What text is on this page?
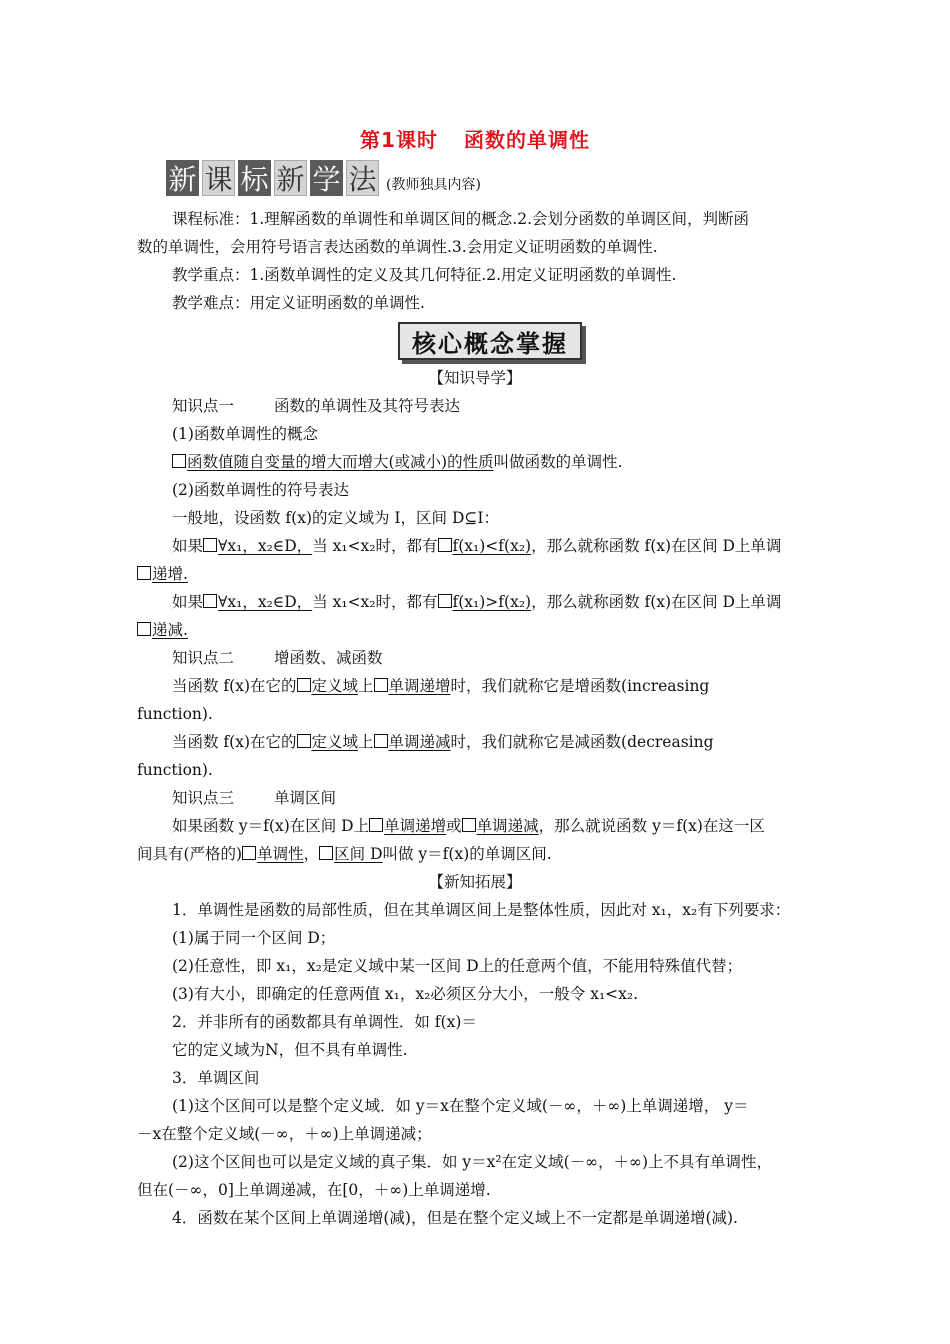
第1课时 函数的单调性
新 课 标 新 学 法 (教师独具内容)
课程标准：1.理解函数的单调性和单调区间的概念.2.会划分函数的单调区间，判断函
数的单调性，会用符号语言表达函数的单调性.3.会用定义证明函数的单调性.
教学重点：1.函数单调性的定义及其几何特征.2.用定义证明函数的单调性.
教学难点：用定义证明函数的单调性.
核心概念掌握
【知识导学】
知识点一	函数的单调性及其符号表达
(1)函数单调性的概念
函数值随自变量的增大而增大(或减小)的性质叫做函数的单调性.
(2)函数单调性的符号表达
一般地，设函数 f(x)的定义域为 I，区间 D⊆I：
如果 ∀x₁，x₂∈D，当 x₁<x₂时，都有 f(x₁)<f(x₂)，那么就称函数 f(x)在区间 D上单调
递增.
如果 ∀x₁，x₂∈D，当 x₁<x₂时，都有 f(x₁)>f(x₂)，那么就称函数 f(x)在区间 D上单调
递减.
知识点二	增函数、减函数
当函数 f(x)在它的 定义域上 单调递增时，我们就称它是增函数(increasing
function).
当函数 f(x)在它的 定义域上 单调递减时，我们就称它是减函数(decreasing
function).
知识点三	单调区间
如果函数 y＝f(x)在区间 D上 单调递增或 单调递减，那么就说函数 y＝f(x)在这一区
间具有(严格的) 单调性， 区间 D叫做 y＝f(x)的单调区间.
【新知拓展】
1．单调性是函数的局部性质，但在其单调区间上是整体性质，因此对 x₁，x₂有下列要求：
(1)属于同一个区间 D；
(2)任意性，即 x₁，x₂是定义域中某一区间 D上的任意两个值，不能用特殊值代替；
(3)有大小，即确定的任意两值 x₁，x₂必须区分大小，一般令 x₁<x₂.
2．并非所有的函数都具有单调性．如 f(x)＝
它的定义域为N，但不具有单调性.
3．单调区间
(1)这个区间可以是整个定义域．如 y＝x在整个定义域(－∞，＋∞)上单调递增， y＝
－x在整个定义域(－∞，＋∞)上单调递减；
(2)这个区间也可以是定义域的真子集．如 y＝x²在定义域(－∞，＋∞)上不具有单调性，
但在(－∞，0]上单调递减，在[0，＋∞)上单调递增.
4．函数在某个区间上单调递增(减)，但是在整个定义域上不一定都是单调递增(减).
